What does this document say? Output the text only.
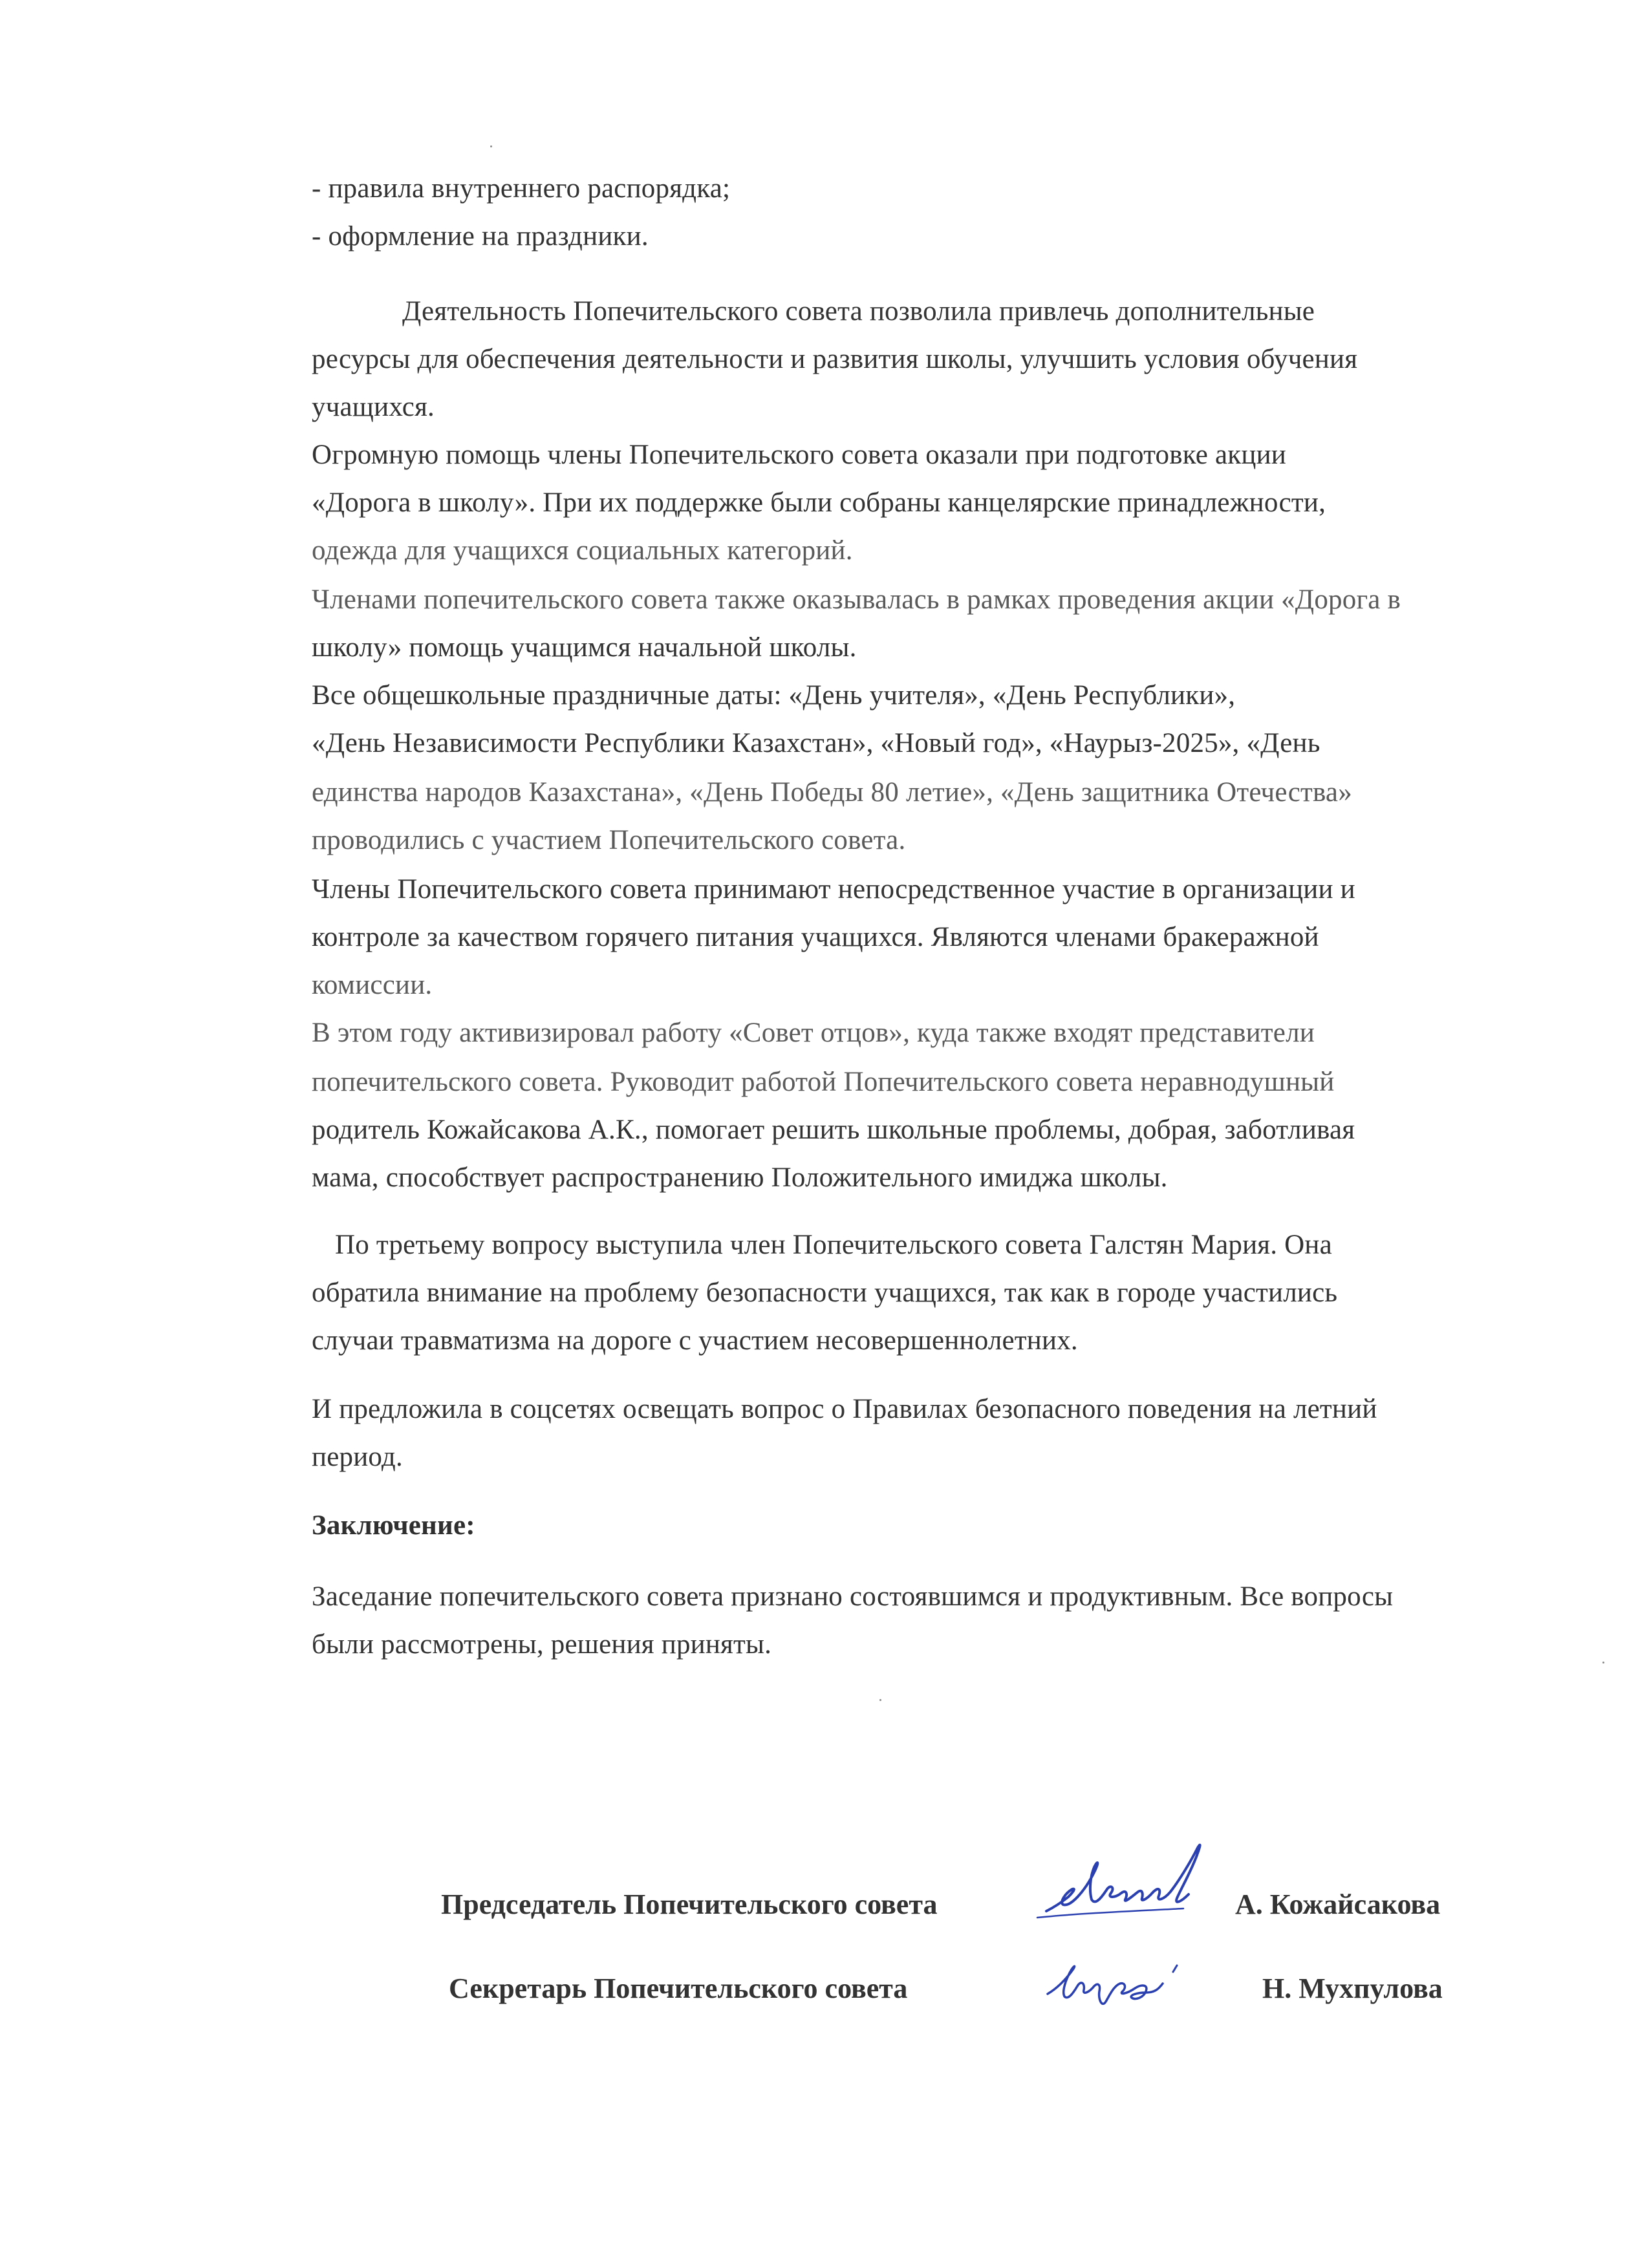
- правила внутреннего распорядка;
- оформление на праздники.
Деятельность Попечительского совета позволила привлечь дополнительные
ресурсы для обеспечения деятельности и развития школы, улучшить условия обучения
учащихся.
Огромную помощь члены Попечительского совета оказали при подготовке акции
«Дорога в школу». При их поддержке были собраны канцелярские принадлежности,
одежда для учащихся социальных категорий.
Членами попечительского совета также оказывалась в рамках проведения акции «Дорога в
школу» помощь учащимся начальной школы.
Все общешкольные праздничные даты: «День учителя», «День Республики»,
«День Независимости Республики Казахстан», «Новый год», «Наурыз-2025», «День
единства народов Казахстана», «День Победы 80 летие», «День защитника Отечества»
проводились с участием Попечительского совета.
Члены Попечительского совета принимают непосредственное участие в организации и
контроле за качеством горячего питания учащихся. Являются членами бракеражной
комиссии.
В этом году активизировал работу «Совет отцов», куда также входят представители
попечительского совета. Руководит работой Попечительского совета неравнодушный
родитель Кожайсакова А.К., помогает решить школьные проблемы, добрая, заботливая
мама, способствует распространению Положительного имиджа школы.
По третьему вопросу выступила член Попечительского совета Галстян Мария. Она
обратила внимание на проблему безопасности учащихся, так как в городе участились
случаи травматизма на дороге с участием несовершеннолетних.
И предложила в соцсетях освещать вопрос о Правилах безопасного поведения на летний
период.
Заключение:
Заседание попечительского совета признано состоявшимся и продуктивным. Все вопросы
были рассмотрены, решения приняты.
Председатель Попечительского совета	А. Кожайсакова
Секретарь Попечительского совета	Н. Мухпулова
